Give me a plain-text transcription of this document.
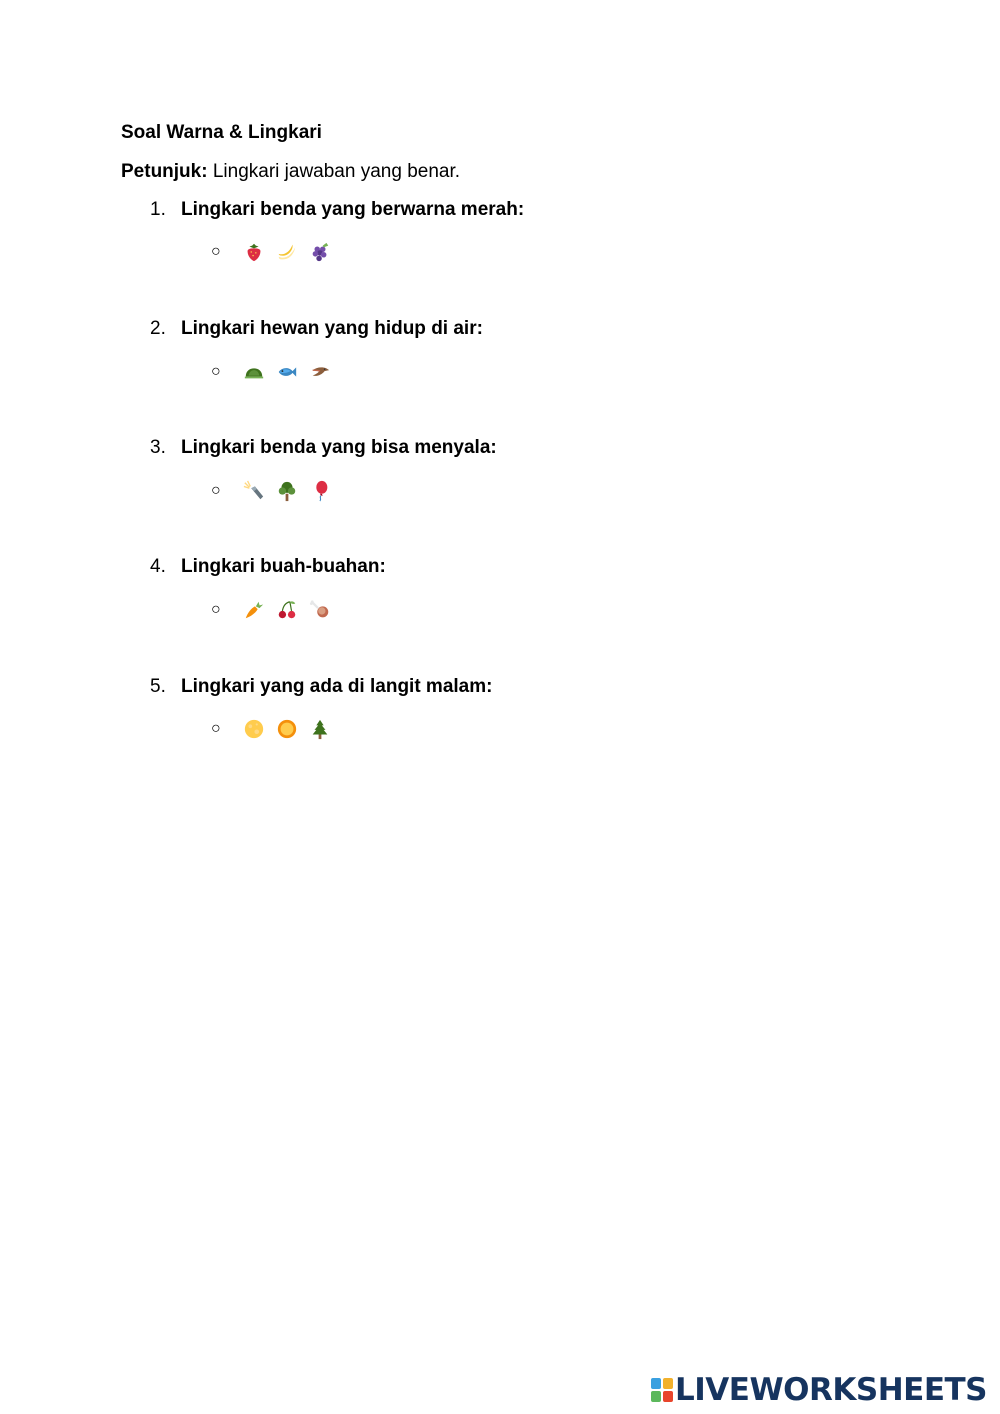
Soal Warna & Lingkari
Petunjuk: Lingkari jawaban yang benar.
1. Lingkari benda yang berwarna merah:
○
2. Lingkari hewan yang hidup di air:
○
3. Lingkari benda yang bisa menyala:
○
4. Lingkari buah-buahan:
○
5. Lingkari yang ada di langit malam:
○
LIVEWORKSHEETS
